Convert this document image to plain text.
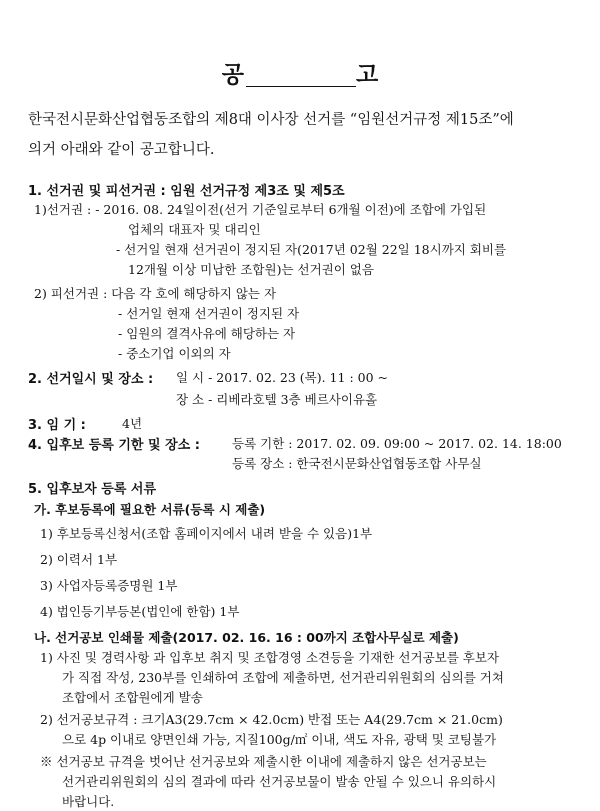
공 고
한국전시문화산업협동조합의 제8대 이사장 선거를 “임원선거규정 제15조”에
의거 아래와 같이 공고합니다.
1. 선거권 및 피선거권 : 임원 선거규정 제3조 및 제5조
1)선거권 : - 2016. 08. 24일이전(선거 기준일로부터 6개월 이전)에 조합에 가입된
업체의 대표자 및 대리인
- 선거일 현재 선거권이 정지된 자(2017년 02월 22일 18시까지 회비를
12개월 이상 미납한 조합원)는 선거권이 없음
2) 피선거권 : 다음 각 호에 해당하지 않는 자
- 선거일 현재 선거권이 정지된 자
- 임원의 결격사유에 해당하는 자
- 중소기업 이외의 자
2. 선거일시 및 장소 : 일 시 - 2017. 02. 23 (목). 11 : 00 ~
장 소 - 리베라호텔 3층 베르사이유홀
3. 임 기 :	4년
4. 입후보 등록 기한 및 장소 :	등록 기한 : 2017. 02. 09. 09:00 ~ 2017. 02. 14. 18:00
등록 장소 : 한국전시문화산업협동조합 사무실
5. 입후보자 등록 서류
가. 후보등록에 필요한 서류(등록 시 제출)
1) 후보등록신청서(조합 홈페이지에서 내려 받을 수 있음)1부
2) 이력서 1부
3) 사업자등록증명원 1부
4) 법인등기부등본(법인에 한함) 1부
나. 선거공보 인쇄물 제출(2017. 02. 16. 16 : 00까지 조합사무실로 제출)
1) 사진 및 경력사항 과 입후보 취지 및 조합경영 소견등을 기재한 선거공보를 후보자
가 직접 작성, 230부를 인쇄하여 조합에 제출하면, 선거관리위원회의 심의를 거쳐
조합에서 조합원에게 발송
2) 선거공보규격 : 크기A3(29.7cm × 42.0cm) 반접 또는 A4(29.7cm × 21.0cm)
으로 4p 이내로 양면인쇄 가능, 지질100g/㎡ 이내, 색도 자유, 광택 및 코팅불가
※ 선거공보 규격을 벗어난 선거공보와 제출시한 이내에 제출하지 않은 선거공보는
선거관리위원회의 심의 결과에 따라 선거공보물이 발송 안될 수 있으니 유의하시
바랍니다.
